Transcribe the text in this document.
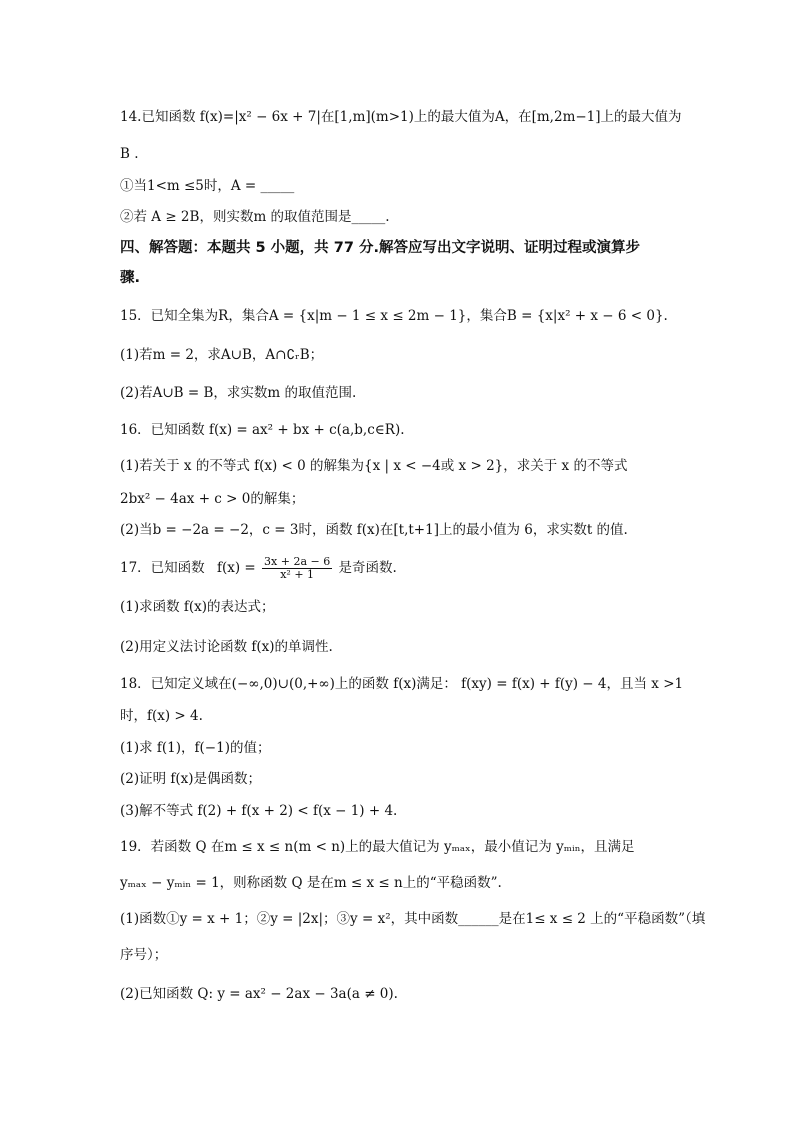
14.已知函数 f(x)=|x² − 6x + 7|在[1,m](m>1)上的最大值为A，在[m,2m−1]上的最大值为
B .
①当1<m ≤5时，A = _____
②若 A ≥ 2B，则实数m 的取值范围是_____.
四、解答题：本题共 5 小题，共 77 分.解答应写出文字说明、证明过程或演算步
骤.
15．已知全集为R，集合A = {x|m − 1 ≤ x ≤ 2m − 1}，集合B = {x|x² + x − 6 < 0}.
(1)若m = 2，求A∪B，A∩∁ᵣB；
(2)若A∪B = B，求实数m 的取值范围.
16．已知函数 f(x) = ax² + bx + c(a,b,c∈R).
(1)若关于 x 的不等式 f(x) < 0 的解集为{x | x < −4或 x > 2}，求关于 x 的不等式
2bx² − 4ax + c > 0的解集；
(2)当b = −2a = −2，c = 3时，函数 f(x)在[t,t+1]上的最小值为 6，求实数t 的值.
17．已知函数 $f(x) = \frac{3x + 2a - 6}{\text{x² + 1}}$ 是奇函数.
(1)求函数 f(x)的表达式；
(2)用定义法讨论函数 f(x)的单调性.
18．已知定义域在(−∞,0)∪(0,+∞)上的函数 f(x)满足： f(xy) = f(x) + f(y) − 4，且当 x >1
时，f(x) > 4.
(1)求 f(1)，f(−1)的值；
(2)证明 f(x)是偶函数；
(3)解不等式 f(2) + f(x + 2) < f(x − 1) + 4.
19．若函数 Q 在m ≤ x ≤ n(m < n)上的最大值记为 yₘₐₓ，最小值记为 yₘᵢₙ，且满足
yₘₐₓ − yₘᵢₙ = 1，则称函数 Q 是在m ≤ x ≤ n上的“平稳函数”.
(1)函数①y = x + 1；②y = |2x|；③y = x²，其中函数______是在1≤ x ≤ 2 上的“平稳函数”（填
序号）；
(2)已知函数 Q: y = ax² − 2ax − 3a(a ≠ 0).
